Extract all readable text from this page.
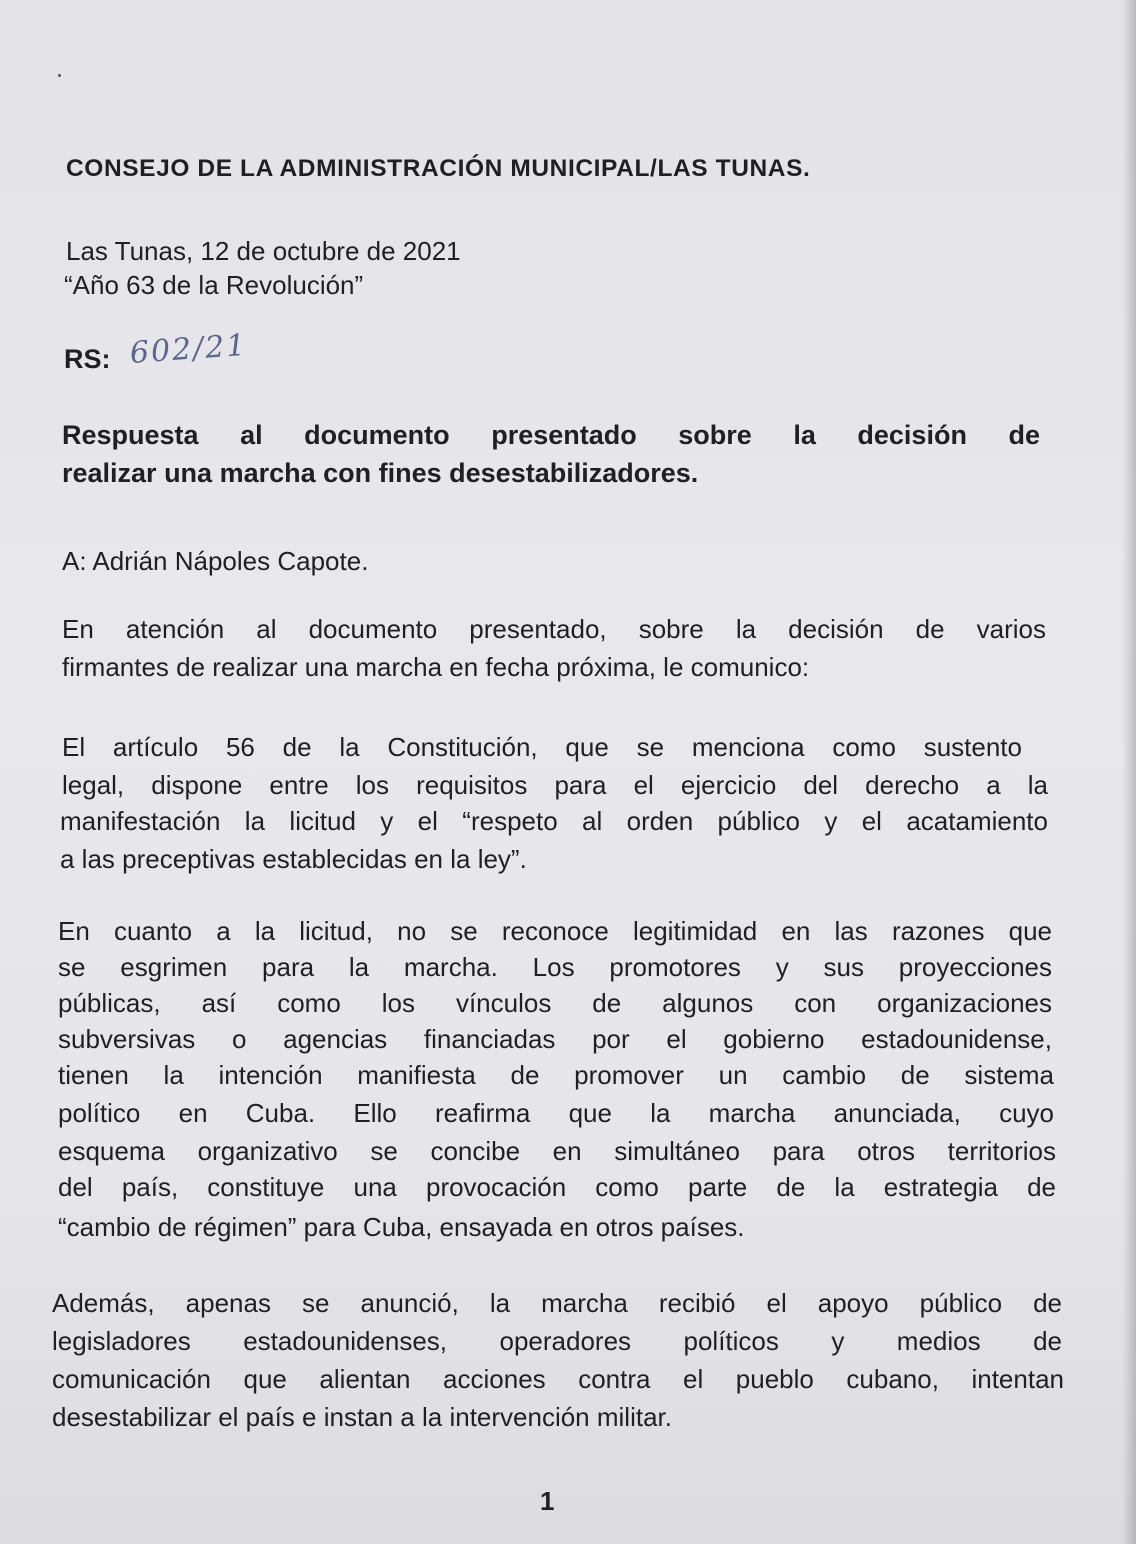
CONSEJO DE LA ADMINISTRACIÓN MUNICIPAL/LAS TUNAS.
Las Tunas, 12 de octubre de 2021
“Año 63 de la Revolución”
RS: 602/21
Respuesta al documento presentado sobre la decisión de
realizar una marcha con fines desestabilizadores.
A: Adrián Nápoles Capote.
En atención al documento presentado, sobre la decisión de varios
firmantes de realizar una marcha en fecha próxima, le comunico:
El artículo 56 de la Constitución, que se menciona como sustento
legal, dispone entre los requisitos para el ejercicio del derecho a la
manifestación la licitud y el “respeto al orden público y el acatamiento
a las preceptivas establecidas en la ley”.
En cuanto a la licitud, no se reconoce legitimidad en las razones que
se esgrimen para la marcha. Los promotores y sus proyecciones
públicas, así como los vínculos de algunos con organizaciones
subversivas o agencias financiadas por el gobierno estadounidense,
tienen la intención manifiesta de promover un cambio de sistema
político en Cuba. Ello reafirma que la marcha anunciada, cuyo
esquema organizativo se concibe en simultáneo para otros territorios
del país, constituye una provocación como parte de la estrategia de
“cambio de régimen” para Cuba, ensayada en otros países.
Además, apenas se anunció, la marcha recibió el apoyo público de
legisladores estadounidenses, operadores políticos y medios de
comunicación que alientan acciones contra el pueblo cubano, intentan
desestabilizar el país e instan a la intervención militar.
1
